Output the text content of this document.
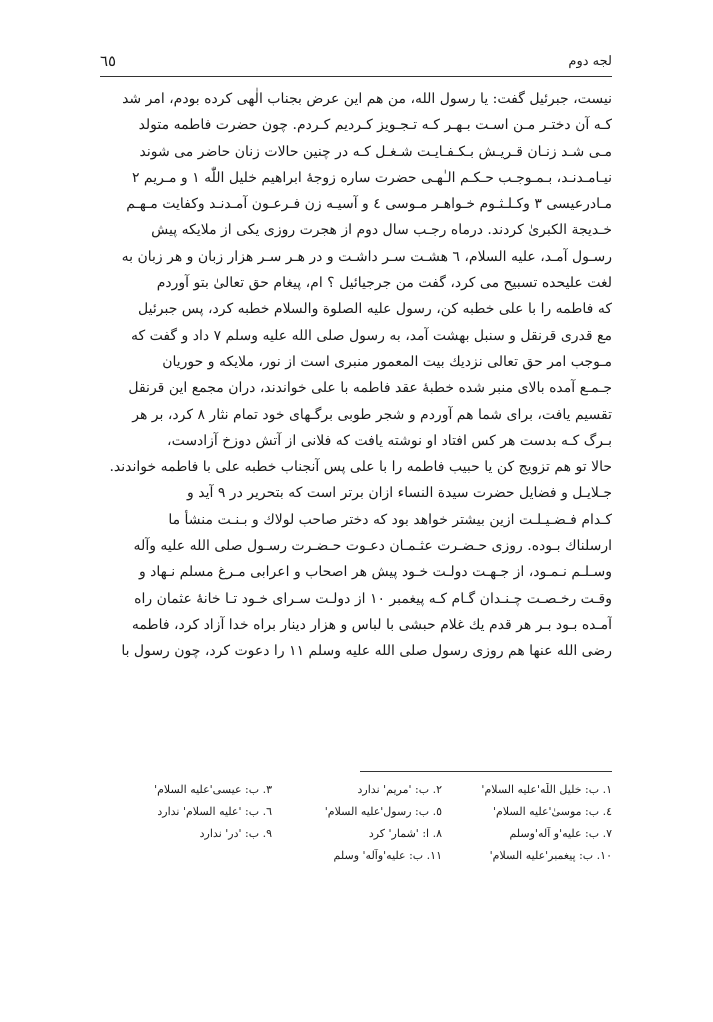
لجه دوم
٦٥
نیست، جبرئیل گفت: یا رسول الله، من هم این عرض بجناب الٰهی کرده بودم، امر شد
کـه آن دختـر مـن اسـت بـهـر کـه تـجـویز کـردیم کـردم. چون حضرت فاطمه متولد
مـی شـد زنـان قـریـش بـکـفـایـت شـغـل کـه در چنین حالات زنان حاضر می شوند
نیـامـدنـد، بـمـوجـب حـکـم الـٰهـی حضرت ساره زوجهٔ ابراهیم خلیل اللّٰه ۱ و مـریم ۲
مـادرعیسی ۳ وکـلـثـوم خـواهـر مـوسی ٤ و آسیـه زن فـرعـون آمـدنـد وکفایت مـهـم
خـدیجة الکبریٰ کردند. درماه رجـب سال دوم از هجرت روزی یکی از ملایکه پیش
رسـول آمـد، علیه السلام، ٦ هشـت سـر داشـت و در هـر سـر هزار زبان و هر زبان به
لغت علیحده تسبیح می کرد، گفت من جرجیائیل ؟ ام، پیغام حق تعالیٰ بتو آوردم
که فاطمه را با علی خطبه کن، رسول علیه الصلوة والسلام خطبه کرد، پس جبرئیل
مع قدری قرنقل و سنبل بهشت آمد، به رسول صلی الله علیه وسلم ۷ داد و گفت که
مـوجب امر حق تعالی نزدیك بیت المعمور منبری است از نور، ملایکه و حوریان
جـمـع آمده بالای منبر شده خطبهٔ عقد فاطمه با علی خواندند، دران مجمع این قرنقل
تقسیم یافت، برای شما هم آوردم و شجر طوبی برگـهای خود تمام نثار ۸ کرد، بر هر
بـرگ کـه بدست هر کس افتاد او نوشته یافت که فلانی از آتش دوزخ آزادست،
حالا تو هم تزویج کن یا حبیب فاطمه را با علی پس آنجناب خطبه علی با فاطمه خواندند.
جـلایـل و فضایل حضرت سیدة النساء ازان برتر است که بتحریر در ۹ آید و
کـدام فـضـیـلـت ازین بیشتر خواهد بود که دختر صاحب لولاك و بـنـت منشأ ما
ارسلناك بـوده. روزی حـضـرت عثـمـان دعـوت حـضـرت رسـول صلی الله علیه وآله
وسـلـم نـمـود، از جـهـت دولـت خـود پیش هر اصحاب و اعرابی مـرغ مسلم نـهاد و
وقـت رخـصـت چـنـدان گـام کـه پیغمبر ۱۰ از دولـت سـرای خـود تـا خانهٔ عثمان راه
آمـده بـود بـر هر قدم یك غلام حبشی با لباس و هزار دینار براه خدا آزاد کرد، فاطمه
رضی الله عنها هم روزی رسول صلی الله علیه وسلم ۱۱ را دعوت کرد، چون رسول با
١. ب: خلیل اللّٰه'علیه السلام'
٢. ب: 'مریم' ندارد
٣. ب: عیسی'علیه السلام'
٤. ب: موسیٰ'علیه السلام'
٥. ب: رسول'علیه السلام'
٦. ب: 'علیه السلام' ندارد
٧. ب: علیه'و آله'وسلم
٨. ا: 'شمار' کرد
٩. ب: 'در' ندارد
١٠. ب: پیغمبر'علیه السلام'
١١. ب: علیه'وآله' وسلم
